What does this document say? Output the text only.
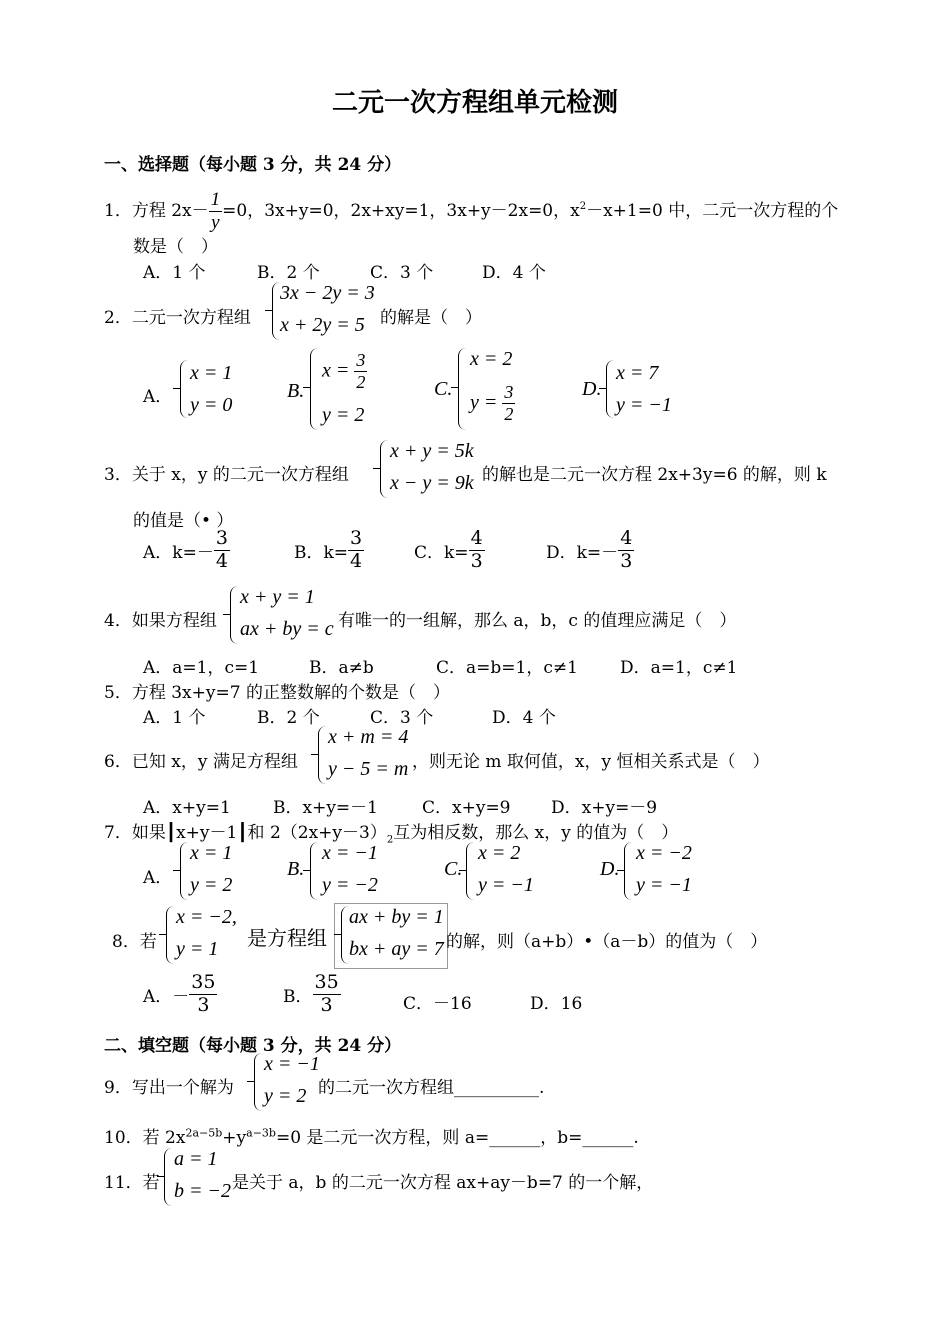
二元一次方程组单元检测
一、选择题（每小题 3 分，共 24 分）
1．方程 $2x- \frac{1}{y} =0$，3x+y=0，2x+xy=1，3x+y－2x=0，$x^2-x+1=0$ 中，二元一次方程的个
数是（　）
A．1 个	B．2 个	C．3 个	D．4 个
2．二元一次方程组
3x − 2y = 3
x + 2y = 5 的解是（　）
A．
x = 1
y = 0
B.
$x = \frac{3}{2}$
y = 2
C.
x = 2
$y = \frac{3}{2}$	D.
x = 7
y = −1
3．关于 x，y 的二元一次方程组
x + y = 5k
x − y = 9k 的解也是二元一次方程 2x+3y=6 的解，则 k
的值是（• ）
A．$k=- \frac{3}{4}$	B．$k= \frac{3}{4}$	C．$k= \frac{4}{3}$	D．$k=- \frac{4}{3}$
4．如果方程组
x + y = 1
ax + by = c 有唯一的一组解，那么 a，b，c 的值理应满足（　）
A．a=1，c=1	B．a≠b	C．a=b=1，c≠1 D．a=1，c≠1
5．方程 3x+y=7 的正整数解的个数是（　）
A．1 个	B．2 个	C．3 个	D．4 个
6．已知 x，y 满足方程组
x + m = 4
y − 5 = m ，则无论 m 取何值，x，y 恒相关系式是（　）
A．x+y=1 B．x+y=－1	C．x+y=9 D．x+y=－9
7．如果┃x+y－1┃和 $2(2x+y-3)_2$互为相反数，那么 x，y 的值为（　）
A．
x = 1
y = 2
B.
x = −1
y = −2
C.
x = 2
y = −1
D.
x = −2
y = −1
8．若
x = −2,
y = 1 是方程组
ax + by = 1
bx + ay = 7 的解，则（a+b）•（a－b）的值为（　）
A．－ $\frac{35}{3}$	B． $\frac{35}{3}$	C．－16	D．16
二、填空题（每小题 3 分，共 24 分）
9．写出一个解为
x = −1
y = 2 的二元一次方程组__________.
10．若 $2x^{2a-5b}+y^{a-3b}=0$ 是二元一次方程，则 a=______，b=______.
11．若
a = 1
b = −2 是关于 a，b 的二元一次方程 ax+ay－b=7 的一个解，
